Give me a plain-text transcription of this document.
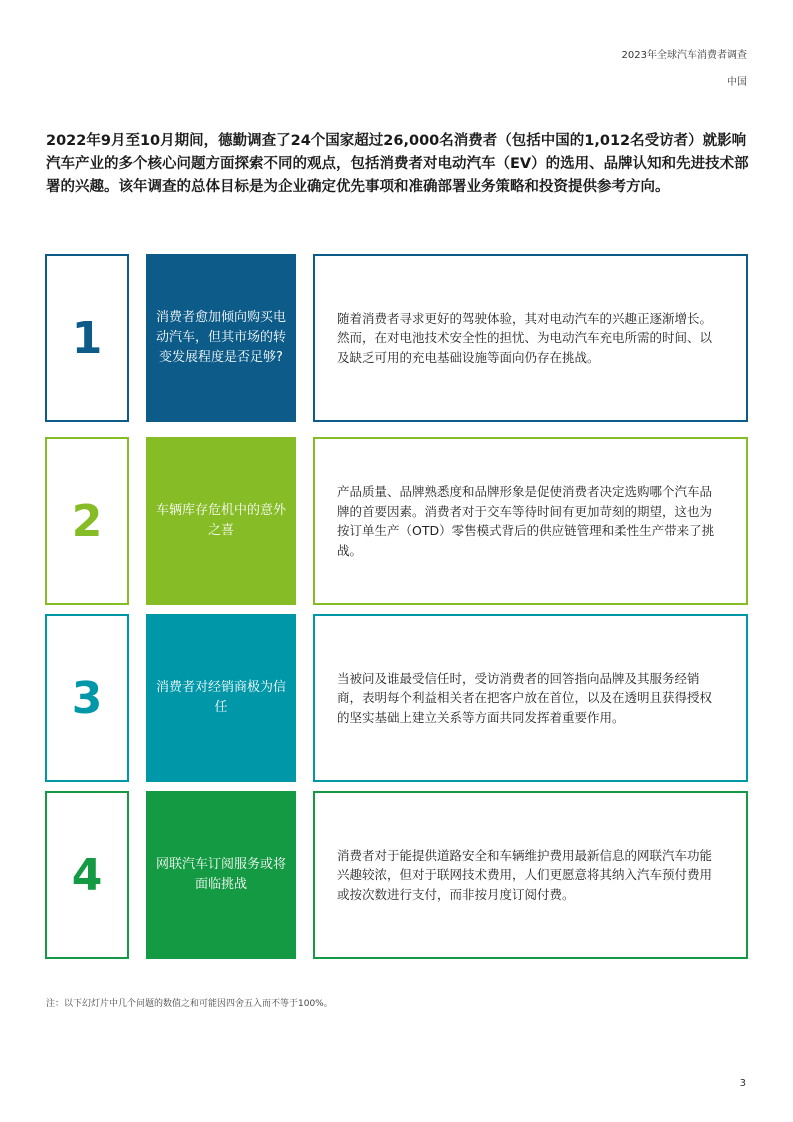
2023年全球汽车消费者调查
中国
2022年9月至10月期间，德勤调查了24个国家超过26,000名消费者（包括中国的1,012名受访者）就影响汽车产业的多个核心问题方面探索不同的观点，包括消费者对电动汽车（EV）的选用、品牌认知和先进技术部署的兴趣。该年调查的总体目标是为企业确定优先事项和准确部署业务策略和投资提供参考方向。
1	消费者愈加倾向购买电动汽车，但其市场的转变发展程度是否足够?

随着消费者寻求更好的驾驶体验，其对电动汽车的兴趣正逐渐增长。然而，在对电池技术安全性的担忧、为电动汽车充电所需的时间、以及缺乏可用的充电基础设施等面向仍存在挑战。

2	车辆库存危机中的意外之喜

产品质量、品牌熟悉度和品牌形象是促使消费者决定选购哪个汽车品牌的首要因素。消费者对于交车等待时间有更加苛刻的期望，这也为按订单生产（OTD）零售模式背后的供应链管理和柔性生产带来了挑战。

3	消费者对经销商极为信任

当被问及谁最受信任时，受访消费者的回答指向品牌及其服务经销商，表明每个利益相关者在把客户放在首位，以及在透明且获得授权的坚实基础上建立关系等方面共同发挥着重要作用。

4	网联汽车订阅服务或将面临挑战

消费者对于能提供道路安全和车辆维护费用最新信息的网联汽车功能兴趣较浓，但对于联网技术费用，人们更愿意将其纳入汽车预付费用或按次数进行支付，而非按月度订阅付费。

注：以下幻灯片中几个问题的数值之和可能因四舍五入而不等于100%。
3
